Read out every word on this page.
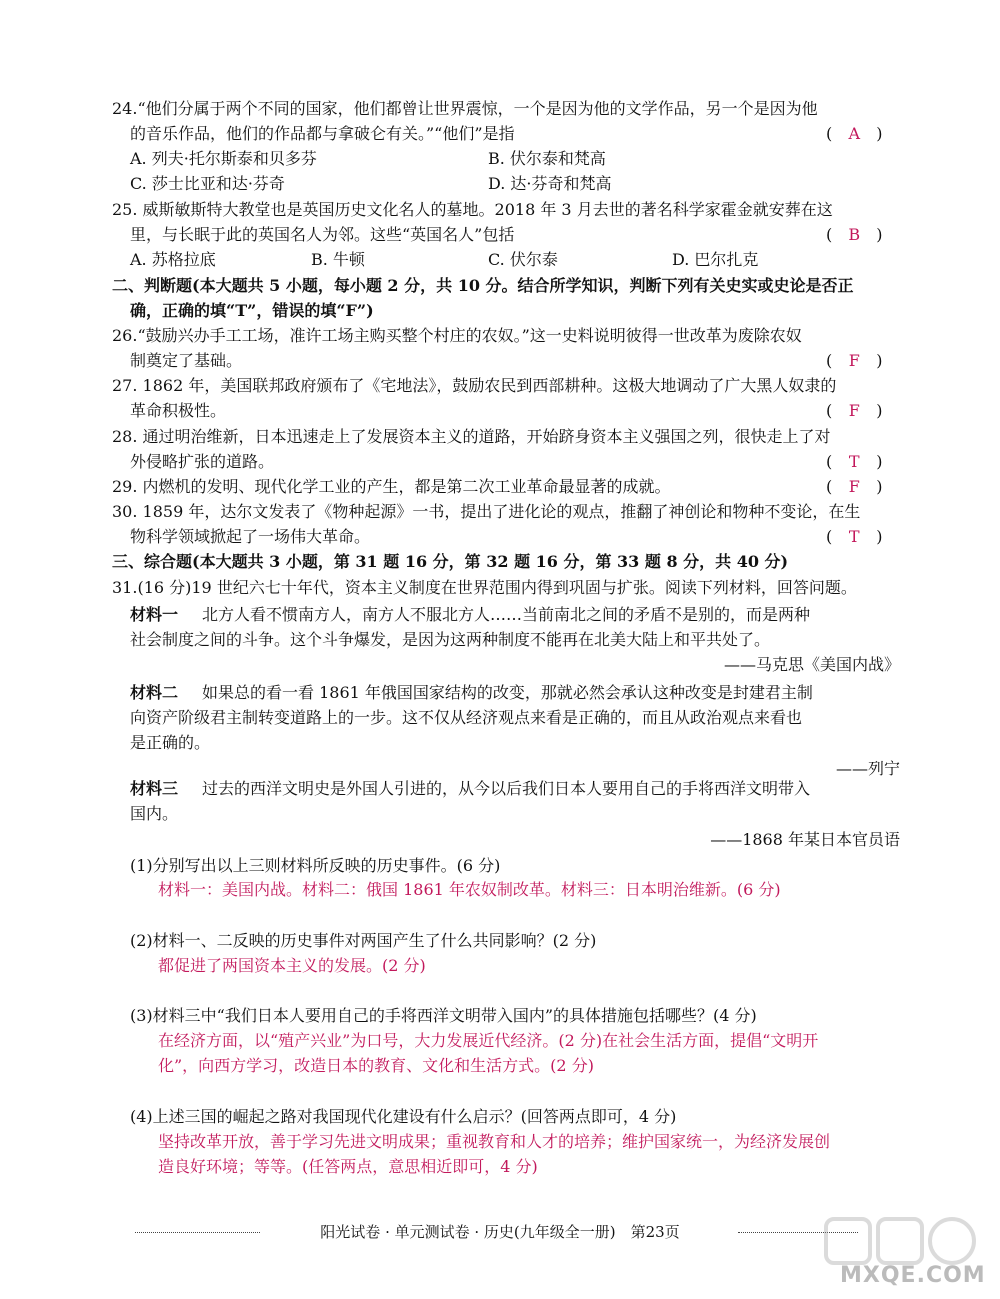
24.“他们分属于两个不同的国家，他们都曾让世界震惊，一个是因为他的文学作品，另一个是因为他
的音乐作品，他们的作品都与拿破仑有关。”“他们”是指	( A )
A. 列夫·托尔斯泰和贝多芬	B. 伏尔泰和梵高
C. 莎士比亚和达·芬奇	D. 达·芬奇和梵高
25. 威斯敏斯特大教堂也是英国历史文化名人的墓地。2018 年 3 月去世的著名科学家霍金就安葬在这
里，与长眠于此的英国名人为邻。这些“英国名人”包括	( B )
A. 苏格拉底	B. 牛顿	C. 伏尔泰	D. 巴尔扎克
二、判断题(本大题共 5 小题，每小题 2 分，共 10 分。结合所学知识，判断下列有关史实或史论是否正
确，正确的填“T”，错误的填“F”)
26.“鼓励兴办手工工场，准许工场主购买整个村庄的农奴。”这一史料说明彼得一世改革为废除农奴
制奠定了基础。	( F )
27. 1862 年，美国联邦政府颁布了《宅地法》，鼓励农民到西部耕种。这极大地调动了广大黑人奴隶的
革命积极性。	( F )
28. 通过明治维新，日本迅速走上了发展资本主义的道路，开始跻身资本主义强国之列，很快走上了对
外侵略扩张的道路。	( T )
29. 内燃机的发明、现代化学工业的产生，都是第二次工业革命最显著的成就。	( F )
30. 1859 年，达尔文发表了《物种起源》一书，提出了进化论的观点，推翻了神创论和物种不变论，在生
物科学领域掀起了一场伟大革命。	( T )
三、综合题(本大题共 3 小题，第 31 题 16 分，第 32 题 16 分，第 33 题 8 分，共 40 分)
31.(16 分)19 世纪六七十年代，资本主义制度在世界范围内得到巩固与扩张。阅读下列材料，回答问题。
材料一 北方人看不惯南方人，南方人不服北方人……当前南北之间的矛盾不是别的，而是两种
社会制度之间的斗争。这个斗争爆发，是因为这两种制度不能再在北美大陆上和平共处了。
——马克思《美国内战》
材料二 如果总的看一看 1861 年俄国国家结构的改变，那就必然会承认这种改变是封建君主制
向资产阶级君主制转变道路上的一步。这不仅从经济观点来看是正确的，而且从政治观点来看也
是正确的。
——列宁
材料三 过去的西洋文明史是外国人引进的，从今以后我们日本人要用自己的手将西洋文明带入
国内。
——1868 年某日本官员语
(1)分别写出以上三则材料所反映的历史事件。(6 分)
材料一：美国内战。材料二：俄国 1861 年农奴制改革。材料三：日本明治维新。(6 分)
(2)材料一、二反映的历史事件对两国产生了什么共同影响？(2 分)
都促进了两国资本主义的发展。(2 分)
(3)材料三中“我们日本人要用自己的手将西洋文明带入国内”的具体措施包括哪些？(4 分)
在经济方面，以“殖产兴业”为口号，大力发展近代经济。(2 分)在社会生活方面，提倡“文明开
化”，向西方学习，改造日本的教育、文化和生活方式。(2 分)
(4)上述三国的崛起之路对我国现代化建设有什么启示？(回答两点即可，4 分)
坚持改革开放，善于学习先进文明成果；重视教育和人才的培养；维护国家统一，为经济发展创
造良好环境；等等。(任答两点，意思相近即可，4 分)
阳光试卷 · 单元测试卷 · 历史(九年级全一册)　第23页
MXQE.COM
